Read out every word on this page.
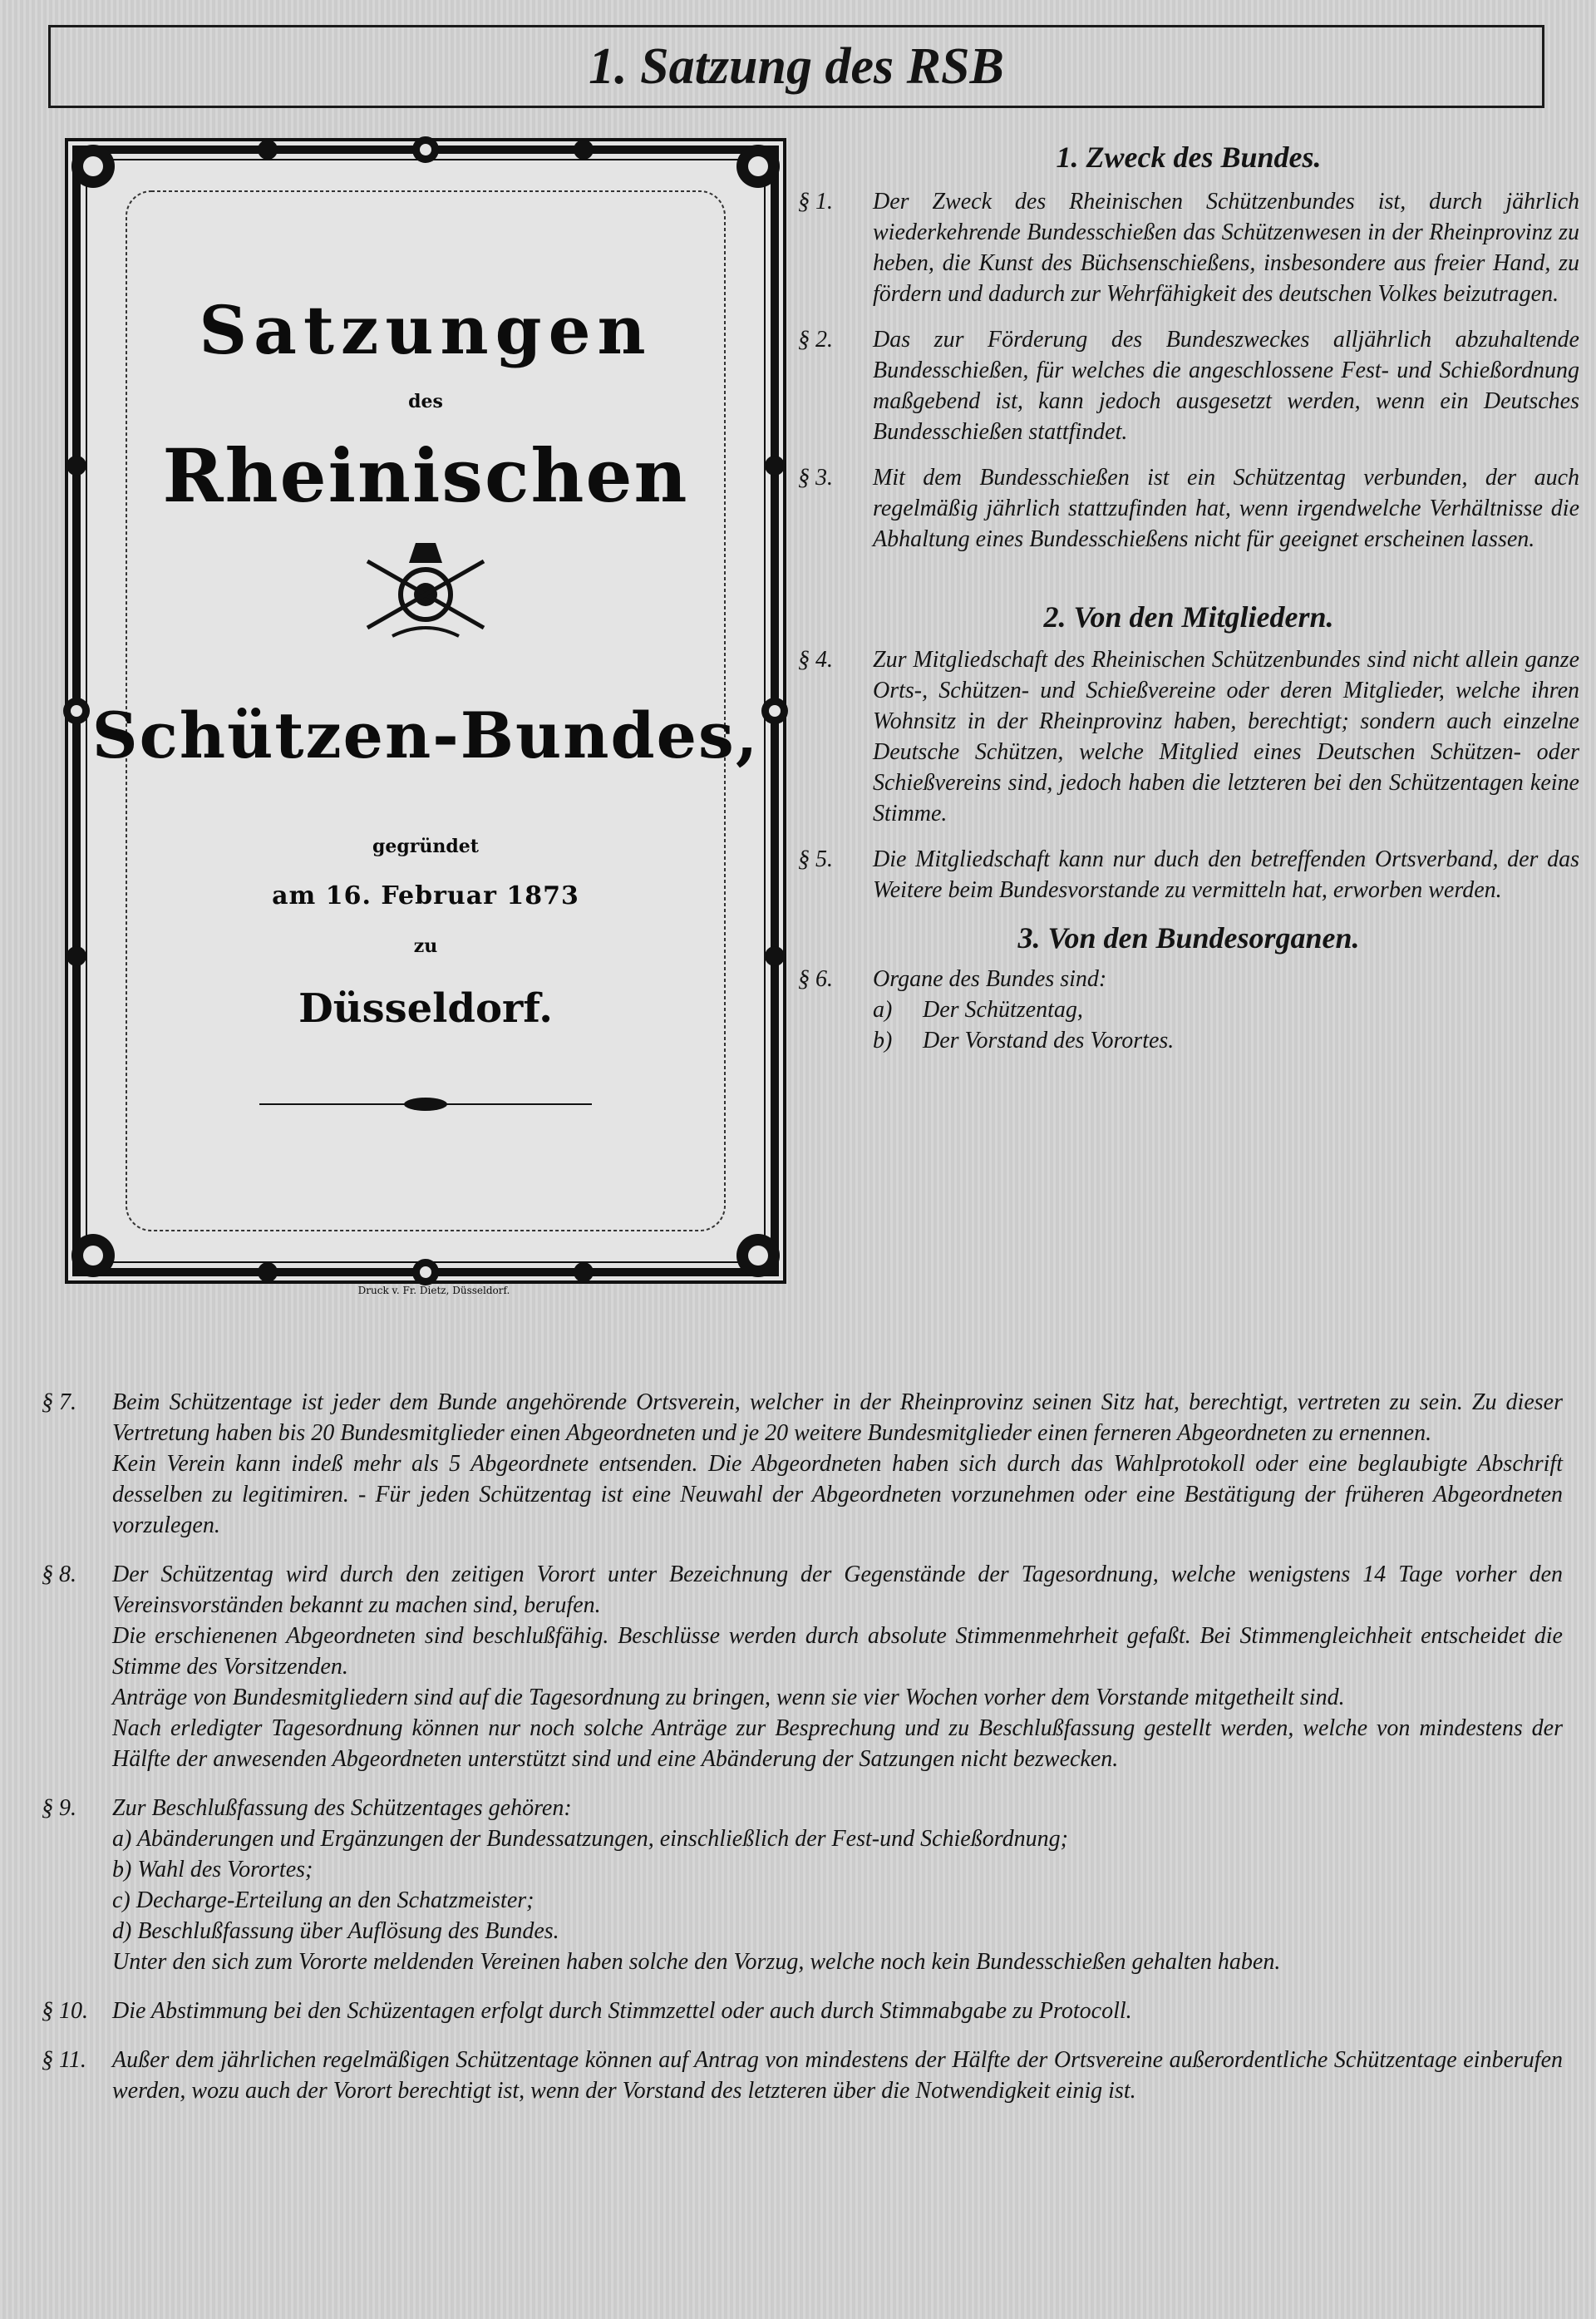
1. Satzung des RSB
Satzungen
des
Rheinischen
Schützen-Bundes,
gegründet
am 16. Februar 1873
zu
Düsseldorf.
Druck v. Fr. Dietz, Düsseldorf.
1. Zweck des Bundes.
§ 1.	Der Zweck des Rheinischen Schützenbundes ist, durch jährlich wiederkehrende Bundesschießen das Schützenwesen in der Rheinprovinz zu heben, die Kunst des Büchsenschießens, insbesondere aus freier Hand, zu fördern und dadurch zur Wehrfähigkeit des deutschen Volkes beizutragen.
§ 2.	Das zur Förderung des Bundeszweckes alljährlich abzuhaltende Bundesschießen, für welches die angeschlossene Fest- und Schießordnung maßgebend ist, kann jedoch ausgesetzt werden, wenn ein Deutsches Bundesschießen stattfindet.
§ 3.	Mit dem Bundesschießen ist ein Schützentag verbunden, der auch regelmäßig jährlich stattzufinden hat, wenn irgendwelche Verhältnisse die Abhaltung eines Bundesschießens nicht für geeignet erscheinen lassen.
2. Von den Mitgliedern.
§ 4.	Zur Mitgliedschaft des Rheinischen Schützenbundes sind nicht allein ganze Orts-, Schützen- und Schießvereine oder deren Mitglieder, welche ihren Wohnsitz in der Rheinprovinz haben, berechtigt; sondern auch einzelne Deutsche Schützen, welche Mitglied eines Deutschen Schützen- oder Schießvereins sind, jedoch haben die letzteren bei den Schützentagen keine Stimme.
§ 5.	Die Mitgliedschaft kann nur duch den betreffenden Ortsverband, der das Weitere beim Bundesvorstande zu vermitteln hat, erworben werden.
3. Von den Bundesorganen.
§ 6.	Organe des Bundes sind:
a) Der Schützentag,
b) Der Vorstand des Vorortes.
§ 7.	Beim Schützentage ist jeder dem Bunde angehörende Ortsverein, welcher in der Rheinprovinz seinen Sitz hat, berechtigt, vertreten zu sein. Zu dieser Vertretung haben bis 20 Bundesmitglieder einen Abgeordneten und je 20 weitere Bundesmitglieder einen ferneren Abgeordneten zu ernennen.
Kein Verein kann indeß mehr als 5 Abgeordnete entsenden. Die Abgeordneten haben sich durch das Wahlprotokoll oder eine beglaubigte Abschrift desselben zu legitimiren. - Für jeden Schützentag ist eine Neuwahl der Abgeordneten vorzunehmen oder eine Bestätigung der früheren Abgeordneten vorzulegen.
§ 8.	Der Schützentag wird durch den zeitigen Vorort unter Bezeichnung der Gegenstände der Tagesordnung, welche wenigstens 14 Tage vorher den Vereinsvorständen bekannt zu machen sind, berufen.
Die erschienenen Abgeordneten sind beschlußfähig. Beschlüsse werden durch absolute Stimmenmehrheit gefaßt. Bei Stimmengleichheit entscheidet die Stimme des Vorsitzenden.
Anträge von Bundesmitgliedern sind auf die Tagesordnung zu bringen, wenn sie vier Wochen vorher dem Vorstande mitgetheilt sind.
Nach erledigter Tagesordnung können nur noch solche Anträge zur Besprechung und zu Beschlußfassung gestellt werden, welche von mindestens der Hälfte der anwesenden Abgeordneten unterstützt sind und eine Abänderung der Satzungen nicht bezwecken.
§ 9.	Zur Beschlußfassung des Schützentages gehören:
a) Abänderungen und Ergänzungen der Bundessatzungen, einschließlich der Fest-und Schießordnung;
b) Wahl des Vorortes;
c) Decharge-Erteilung an den Schatzmeister;
d) Beschlußfassung über Auflösung des Bundes.
Unter den sich zum Vororte meldenden Vereinen haben solche den Vorzug, welche noch kein Bundesschießen gehalten haben.
§ 10.	Die Abstimmung bei den Schüzentagen erfolgt durch Stimmzettel oder auch durch Stimmabgabe zu Protocoll.
§ 11.	Außer dem jährlichen regelmäßigen Schützentage können auf Antrag von mindestens der Hälfte der Ortsvereine außerordentliche Schützentage einberufen werden, wozu auch der Vorort berechtigt ist, wenn der Vorstand des letzteren über die Notwendigkeit einig ist.
